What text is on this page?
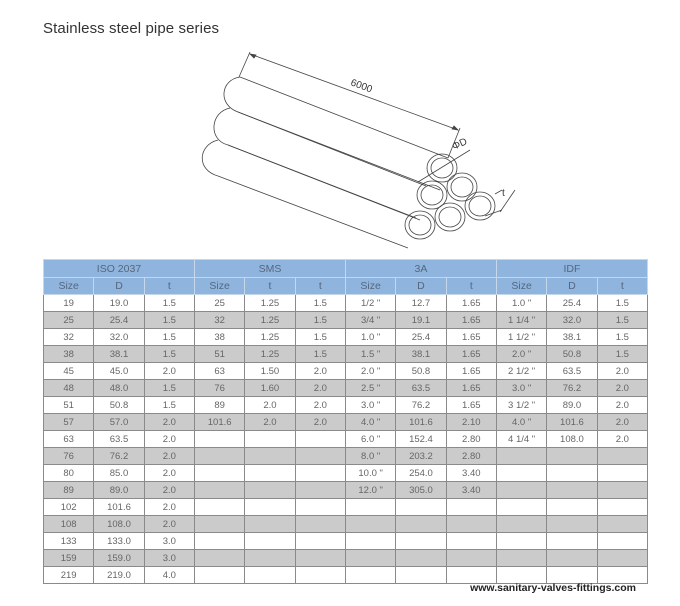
Stainless steel pipe series
6000
ΦD
t
ISO 2037			SMS			3A			IDF		
Size	D	t	Size	t	t	Size	D	t	Size	D	t
19	19.0	1.5	25	1.25	1.5	1/2 "	12.7	1.65	1.0 "	25.4	1.5
25	25.4	1.5	32	1.25	1.5	3/4 "	19.1	1.65	1 1/4 "	32.0	1.5
32	32.0	1.5	38	1.25	1.5	1.0 "	25.4	1.65	1 1/2 "	38.1	1.5
38	38.1	1.5	51	1.25	1.5	1.5 "	38.1	1.65	2.0 "	50.8	1.5
45	45.0	2.0	63	1.50	2.0	2.0 "	50.8	1.65	2 1/2 "	63.5	2.0
48	48.0	1.5	76	1.60	2.0	2.5 "	63.5	1.65	3.0 "	76.2	2.0
51	50.8	1.5	89	2.0	2.0	3.0 "	76.2	1.65	3 1/2 "	89.0	2.0
57	57.0	2.0	101.6	2.0	2.0	4.0 "	101.6	2.10	4.0 "	101.6	2.0
63	63.5	2.0				6.0 "	152.4	2.80	4 1/4 "	108.0	2.0
76	76.2	2.0				8.0 "	203.2	2.80			
80	85.0	2.0				10.0 "	254.0	3.40			
89	89.0	2.0				12.0 "	305.0	3.40			
102	101.6	2.0									
108	108.0	2.0									
133	133.0	3.0									
159	159.0	3.0									
219	219.0	4.0									
www.sanitary-valves-fittings.com
